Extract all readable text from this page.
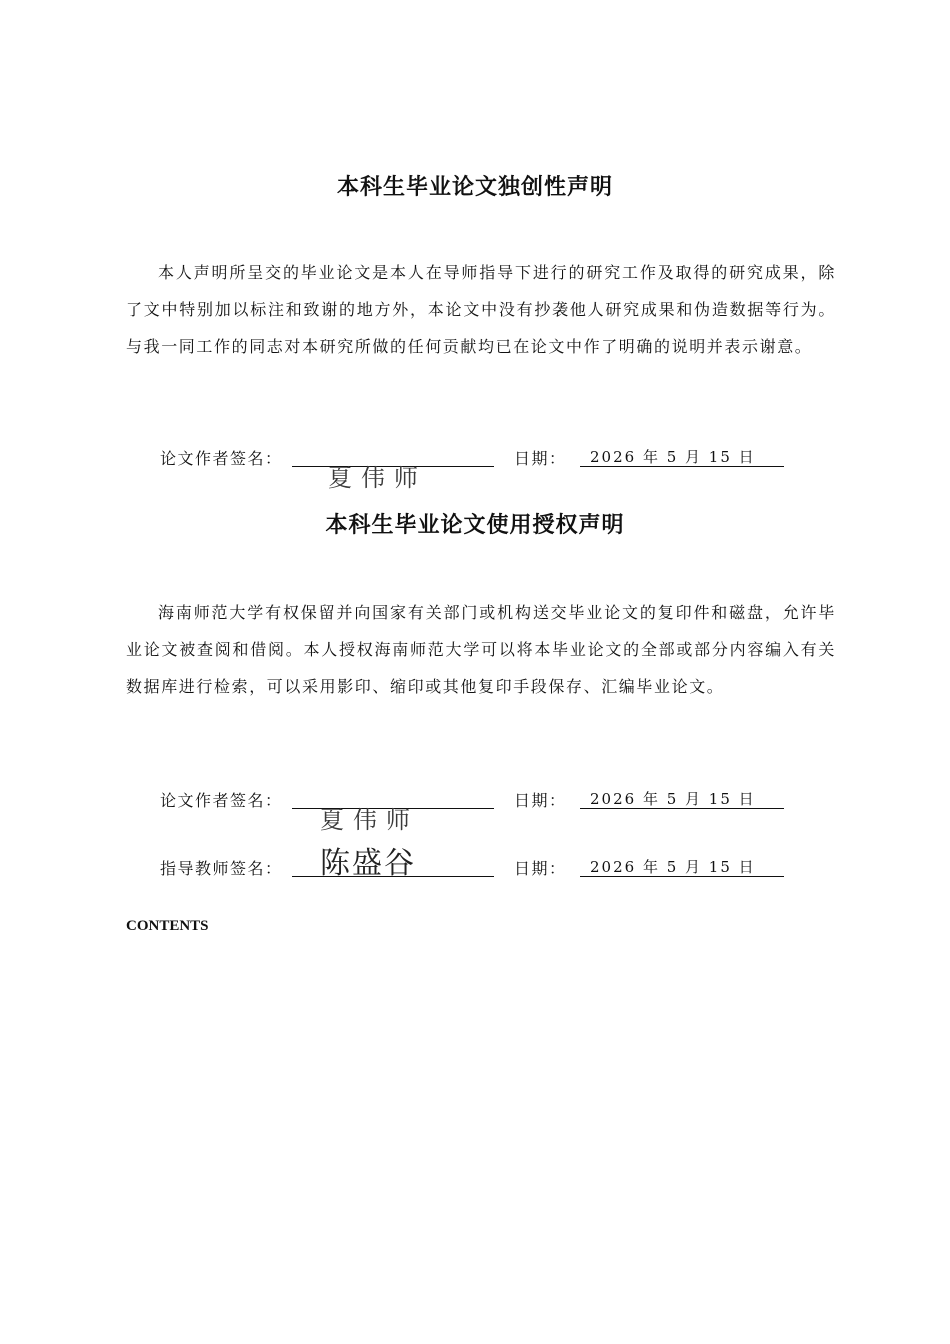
本科生毕业论文独创性声明

本人声明所呈交的毕业论文是本人在导师指导下进行的研究工作及取得的研究成果，除了文中特别加以标注和致谢的地方外，本论文中没有抄袭他人研究成果和伪造数据等行为。与我一同工作的同志对本研究所做的任何贡献均已在论文中作了明确的说明并表示谢意。

论文作者签名：
夏伟师
日期：	2026 年 5 月 15 日
本科生毕业论文使用授权声明

海南师范大学有权保留并向国家有关部门或机构送交毕业论文的复印件和磁盘，允许毕业论文被查阅和借阅。本人授权海南师范大学可以将本毕业论文的全部或部分内容编入有关数据库进行检索，可以采用影印、缩印或其他复印手段保存、汇编毕业论文。

论文作者签名：
夏伟师
日期：	2026 年 5 月 15 日
指导教师签名： 陈盛谷	日期：	2026 年 5 月 15 日
CONTENTS
